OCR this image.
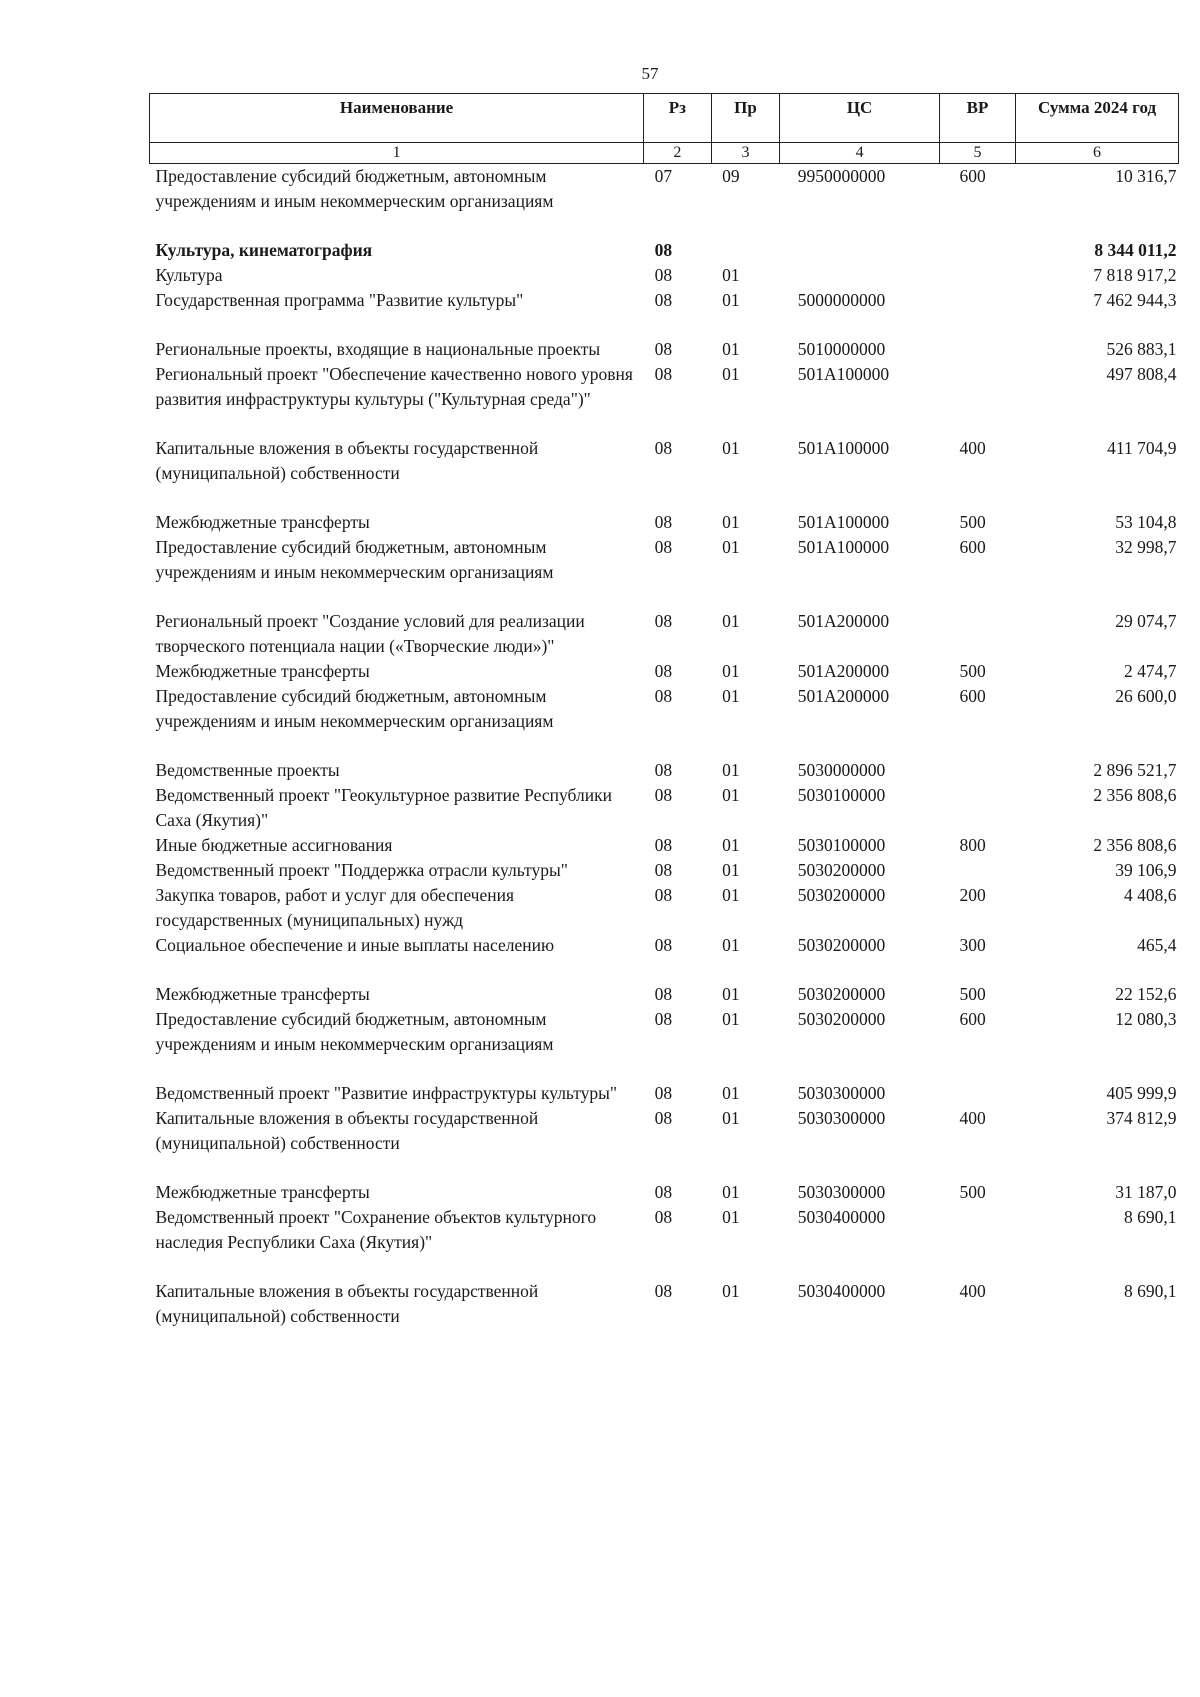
57
Наименование	Рз	Пр	ЦС	ВР	Сумма 2024 год
1	2	3	4	5	6
Предоставление субсидий бюджетным, автономным учреждениям и иным некоммерческим организациям	07	09	9950000000	600	10 316,7
Культура, кинематография	08				8 344 011,2
Культура	08	01			7 818 917,2
Государственная программа "Развитие культуры"	08	01	5000000000		7 462 944,3
Региональные проекты, входящие в национальные проекты	08	01	5010000000		526 883,1
Региональный проект "Обеспечение качественно нового уровня развития инфраструктуры культуры ("Культурная среда")"	08	01	501A100000		497 808,4
Капитальные вложения в объекты государственной (муниципальной) собственности	08	01	501A100000	400	411 704,9
Межбюджетные трансферты	08	01	501A100000	500	53 104,8
Предоставление субсидий бюджетным, автономным учреждениям и иным некоммерческим организациям	08	01	501A100000	600	32 998,7
Региональный проект "Создание условий для реализации творческого потенциала нации («Творческие люди»)"	08	01	501A200000		29 074,7
Межбюджетные трансферты	08	01	501A200000	500	2 474,7
Предоставление субсидий бюджетным, автономным учреждениям и иным некоммерческим организациям	08	01	501A200000	600	26 600,0
Ведомственные проекты	08	01	5030000000		2 896 521,7
Ведомственный проект "Геокультурное развитие Республики Саха (Якутия)"	08	01	5030100000		2 356 808,6
Иные бюджетные ассигнования	08	01	5030100000	800	2 356 808,6
Ведомственный проект "Поддержка отрасли культуры"	08	01	5030200000		39 106,9
Закупка товаров, работ и услуг для обеспечения государственных (муниципальных) нужд	08	01	5030200000	200	4 408,6
Социальное обеспечение и иные выплаты населению	08	01	5030200000	300	465,4
Межбюджетные трансферты	08	01	5030200000	500	22 152,6
Предоставление субсидий бюджетным, автономным учреждениям и иным некоммерческим организациям	08	01	5030200000	600	12 080,3
Ведомственный проект "Развитие инфраструктуры культуры"	08	01	5030300000		405 999,9
Капитальные вложения в объекты государственной (муниципальной) собственности	08	01	5030300000	400	374 812,9
Межбюджетные трансферты	08	01	5030300000	500	31 187,0
Ведомственный проект "Сохранение объектов культурного наследия Республики Саха (Якутия)"	08	01	5030400000		8 690,1
Капитальные вложения в объекты государственной (муниципальной) собственности	08	01	5030400000	400	8 690,1
